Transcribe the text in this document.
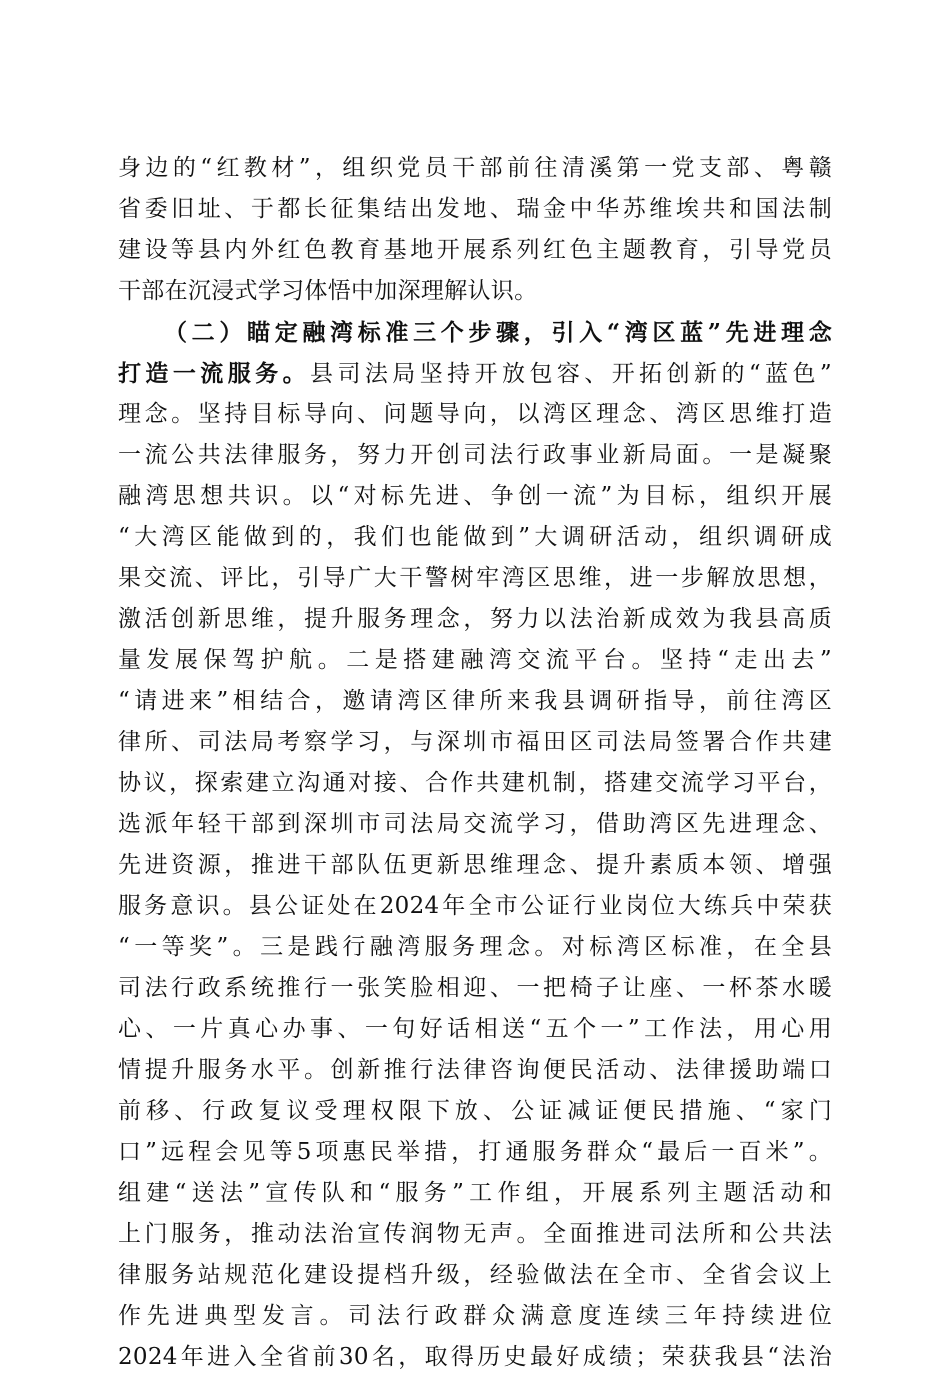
身边的“红教材”，组织党员干部前往清溪第一党支部、粤赣
省委旧址、于都长征集结出发地、瑞金中华苏维埃共和国法制
建设等县内外红色教育基地开展系列红色主题教育，引导党员
干部在沉浸式学习体悟中加深理解认识。
（二）瞄定融湾标准三个步骤，引入“湾区蓝”先进理念
打造一流服务。县司法局坚持开放包容、开拓创新的“蓝色”
理念。坚持目标导向、问题导向，以湾区理念、湾区思维打造
一流公共法律服务，努力开创司法行政事业新局面。一是凝聚
融湾思想共识。以“对标先进、争创一流”为目标，组织开展
“大湾区能做到的，我们也能做到”大调研活动，组织调研成
果交流、评比，引导广大干警树牢湾区思维，进一步解放思想，
激活创新思维，提升服务理念，努力以法治新成效为我县高质
量发展保驾护航。二是搭建融湾交流平台。坚持“走出去”
“请进来”相结合，邀请湾区律所来我县调研指导，前往湾区
律所、司法局考察学习，与深圳市福田区司法局签署合作共建
协议，探索建立沟通对接、合作共建机制，搭建交流学习平台，
选派年轻干部到深圳市司法局交流学习，借助湾区先进理念、
先进资源，推进干部队伍更新思维理念、提升素质本领、增强
服务意识。县公证处在2024年全市公证行业岗位大练兵中荣获
“一等奖”。三是践行融湾服务理念。对标湾区标准，在全县
司法行政系统推行一张笑脸相迎、一把椅子让座、一杯茶水暖
心、一片真心办事、一句好话相送“五个一”工作法，用心用
情提升服务水平。创新推行法律咨询便民活动、法律援助端口
前移、行政复议受理权限下放、公证减证便民措施、“家门
口”远程会见等5项惠民举措，打通服务群众“最后一百米”。
组建“送法”宣传队和“服务”工作组，开展系列主题活动和
上门服务，推动法治宣传润物无声。全面推进司法所和公共法
律服务站规范化建设提档升级，经验做法在全市、全省会议上
作先进典型发言。司法行政群众满意度连续三年持续进位
2024年进入全省前30名，取得历史最好成绩；荣获我县“法治
